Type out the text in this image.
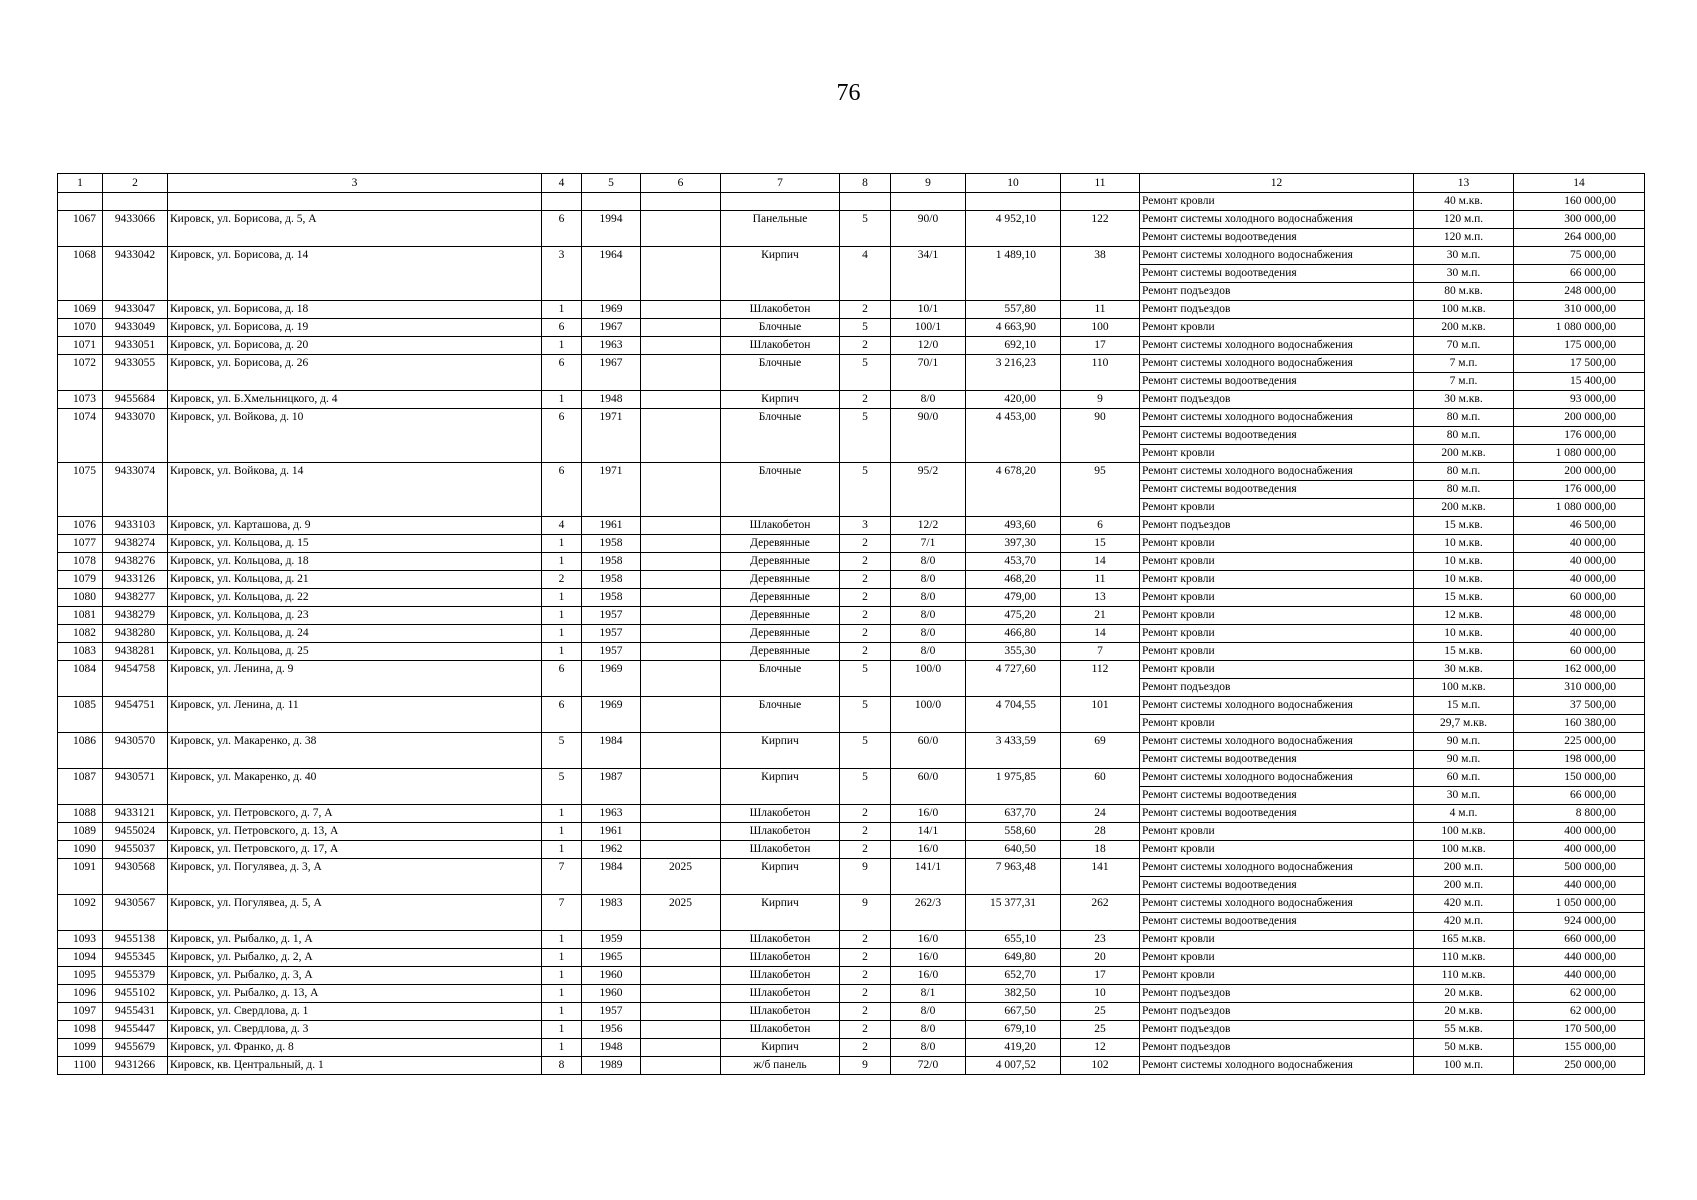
76
1	2	3	4	5	6	7	8	9	10	11	12	13	14
											Ремонт кровли	40 м.кв.	160 000,00
1067	9433066	Кировск, ул. Борисова, д. 5, А	6	1994		Панельные	5	90/0	4 952,10	122	Ремонт системы холодного водоснабжения	120 м.п.	300 000,00
											Ремонт системы водоотведения	120 м.п.	264 000,00
1068	9433042	Кировск, ул. Борисова, д. 14	3	1964		Кирпич	4	34/1	1 489,10	38	Ремонт системы холодного водоснабжения	30 м.п.	75 000,00
											Ремонт системы водоотведения	30 м.п.	66 000,00
											Ремонт подъездов	80 м.кв.	248 000,00
1069	9433047	Кировск, ул. Борисова, д. 18	1	1969		Шлакобетон	2	10/1	557,80	11	Ремонт подъездов	100 м.кв.	310 000,00
1070	9433049	Кировск, ул. Борисова, д. 19	6	1967		Блочные	5	100/1	4 663,90	100	Ремонт кровли	200 м.кв.	1 080 000,00
1071	9433051	Кировск, ул. Борисова, д. 20	1	1963		Шлакобетон	2	12/0	692,10	17	Ремонт системы холодного водоснабжения	70 м.п.	175 000,00
1072	9433055	Кировск, ул. Борисова, д. 26	6	1967		Блочные	5	70/1	3 216,23	110	Ремонт системы холодного водоснабжения	7 м.п.	17 500,00
											Ремонт системы водоотведения	7 м.п.	15 400,00
1073	9455684	Кировск, ул. Б.Хмельницкого, д. 4	1	1948		Кирпич	2	8/0	420,00	9	Ремонт подъездов	30 м.кв.	93 000,00
1074	9433070	Кировск, ул. Войкова, д. 10	6	1971		Блочные	5	90/0	4 453,00	90	Ремонт системы холодного водоснабжения	80 м.п.	200 000,00
											Ремонт системы водоотведения	80 м.п.	176 000,00
											Ремонт кровли	200 м.кв.	1 080 000,00
1075	9433074	Кировск, ул. Войкова, д. 14	6	1971		Блочные	5	95/2	4 678,20	95	Ремонт системы холодного водоснабжения	80 м.п.	200 000,00
											Ремонт системы водоотведения	80 м.п.	176 000,00
											Ремонт кровли	200 м.кв.	1 080 000,00
1076	9433103	Кировск, ул. Карташова, д. 9	4	1961		Шлакобетон	3	12/2	493,60	6	Ремонт подъездов	15 м.кв.	46 500,00
1077	9438274	Кировск, ул. Кольцова, д. 15	1	1958		Деревянные	2	7/1	397,30	15	Ремонт кровли	10 м.кв.	40 000,00
1078	9438276	Кировск, ул. Кольцова, д. 18	1	1958		Деревянные	2	8/0	453,70	14	Ремонт кровли	10 м.кв.	40 000,00
1079	9433126	Кировск, ул. Кольцова, д. 21	2	1958		Деревянные	2	8/0	468,20	11	Ремонт кровли	10 м.кв.	40 000,00
1080	9438277	Кировск, ул. Кольцова, д. 22	1	1958		Деревянные	2	8/0	479,00	13	Ремонт кровли	15 м.кв.	60 000,00
1081	9438279	Кировск, ул. Кольцова, д. 23	1	1957		Деревянные	2	8/0	475,20	21	Ремонт кровли	12 м.кв.	48 000,00
1082	9438280	Кировск, ул. Кольцова, д. 24	1	1957		Деревянные	2	8/0	466,80	14	Ремонт кровли	10 м.кв.	40 000,00
1083	9438281	Кировск, ул. Кольцова, д. 25	1	1957		Деревянные	2	8/0	355,30	7	Ремонт кровли	15 м.кв.	60 000,00
1084	9454758	Кировск, ул. Ленина, д. 9	6	1969		Блочные	5	100/0	4 727,60	112	Ремонт кровли	30 м.кв.	162 000,00
											Ремонт подъездов	100 м.кв.	310 000,00
1085	9454751	Кировск, ул. Ленина, д. 11	6	1969		Блочные	5	100/0	4 704,55	101	Ремонт системы холодного водоснабжения	15 м.п.	37 500,00
											Ремонт кровли	29,7 м.кв.	160 380,00
1086	9430570	Кировск, ул. Макаренко, д. 38	5	1984		Кирпич	5	60/0	3 433,59	69	Ремонт системы холодного водоснабжения	90 м.п.	225 000,00
											Ремонт системы водоотведения	90 м.п.	198 000,00
1087	9430571	Кировск, ул. Макаренко, д. 40	5	1987		Кирпич	5	60/0	1 975,85	60	Ремонт системы холодного водоснабжения	60 м.п.	150 000,00
											Ремонт системы водоотведения	30 м.п.	66 000,00
1088	9433121	Кировск, ул. Петровского, д. 7, А	1	1963		Шлакобетон	2	16/0	637,70	24	Ремонт системы водоотведения	4 м.п.	8 800,00
1089	9455024	Кировск, ул. Петровского, д. 13, А	1	1961		Шлакобетон	2	14/1	558,60	28	Ремонт кровли	100 м.кв.	400 000,00
1090	9455037	Кировск, ул. Петровского, д. 17, А	1	1962		Шлакобетон	2	16/0	640,50	18	Ремонт кровли	100 м.кв.	400 000,00
1091	9430568	Кировск, ул. Погулявеа, д. 3, А	7	1984	2025	Кирпич	9	141/1	7 963,48	141	Ремонт системы холодного водоснабжения	200 м.п.	500 000,00
											Ремонт системы водоотведения	200 м.п.	440 000,00
1092	9430567	Кировск, ул. Погулявеа, д. 5, А	7	1983	2025	Кирпич	9	262/3	15 377,31	262	Ремонт системы холодного водоснабжения	420 м.п.	1 050 000,00
											Ремонт системы водоотведения	420 м.п.	924 000,00
1093	9455138	Кировск, ул. Рыбалко, д. 1, А	1	1959		Шлакобетон	2	16/0	655,10	23	Ремонт кровли	165 м.кв.	660 000,00
1094	9455345	Кировск, ул. Рыбалко, д. 2, А	1	1965		Шлакобетон	2	16/0	649,80	20	Ремонт кровли	110 м.кв.	440 000,00
1095	9455379	Кировск, ул. Рыбалко, д. 3, А	1	1960		Шлакобетон	2	16/0	652,70	17	Ремонт кровли	110 м.кв.	440 000,00
1096	9455102	Кировск, ул. Рыбалко, д. 13, А	1	1960		Шлакобетон	2	8/1	382,50	10	Ремонт подъездов	20 м.кв.	62 000,00
1097	9455431	Кировск, ул. Свердлова, д. 1	1	1957		Шлакобетон	2	8/0	667,50	25	Ремонт подъездов	20 м.кв.	62 000,00
1098	9455447	Кировск, ул. Свердлова, д. 3	1	1956		Шлакобетон	2	8/0	679,10	25	Ремонт подъездов	55 м.кв.	170 500,00
1099	9455679	Кировск, ул. Франко, д. 8	1	1948		Кирпич	2	8/0	419,20	12	Ремонт подъездов	50 м.кв.	155 000,00
1100	9431266	Кировск, кв. Центральный, д. 1	8	1989		ж/б панель	9	72/0	4 007,52	102	Ремонт системы холодного водоснабжения	100 м.п.	250 000,00
